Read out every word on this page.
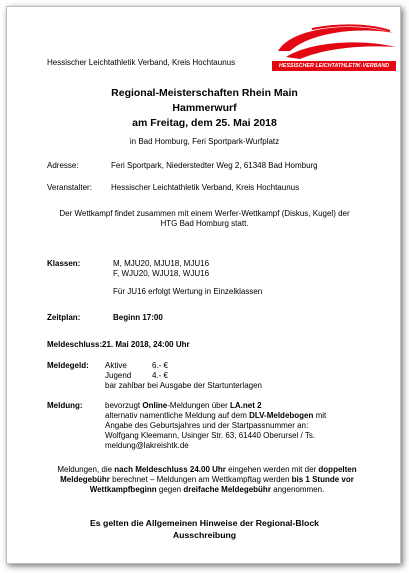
Hessischer Leichtathletik Verband, Kreis Hochtaunus	HESSISCHER LEICHTATHLETIK-VERBAND
Regional-Meisterschaften Rhein Main
Hammerwurf
am Freitag, dem 25. Mai 2018
in Bad Homburg, Feri Sportpark-Wurfplatz
Adresse:	Feri Sportpark, Niederstedter Weg 2, 61348 Bad Homburg
Veranstalter: Hessischer Leichtathletik Verband, Kreis Hochtaunus
Der Wettkampf findet zusammen mit einem Werfer-Wettkampf (Diskus, Kugel) der
HTG Bad Homburg statt.
Klassen:	M, MJU20, MJU18, MJU16
F, WJU20, WJU18, WJU16
Für JU16 erfolgt Wertung in Einzelklassen
Zeitplan:	Beginn 17:00
Meldeschluss: 21. Mai 2018, 24:00 Uhr
Meldegeld: Aktive	6.- €
Jugend	4.- €
bar zahlbar bei Ausgabe der Startunterlagen
Meldung:	bevorzugt Online-Meldungen über LA.net 2
alternativ namentliche Meldung auf dem DLV-Meldebogen mit
Angabe des Geburtsjahres und der Startpassnummer an:
Wolfgang Kleemann, Usinger Str. 63, 61440 Oberursel / Ts.
meldung@lakreishtk.de
Meldungen, die nach Meldeschluss 24.00 Uhr eingehen werden mit der doppelten Meldegebühr berechnet – Meldungen am Wettkampftag werden bis 1 Stunde vor Wettkampfbeginn gegen dreifache Meldegebühr angenommen.
Es gelten die Allgemeinen Hinweise der Regional-Block
Ausschreibung
